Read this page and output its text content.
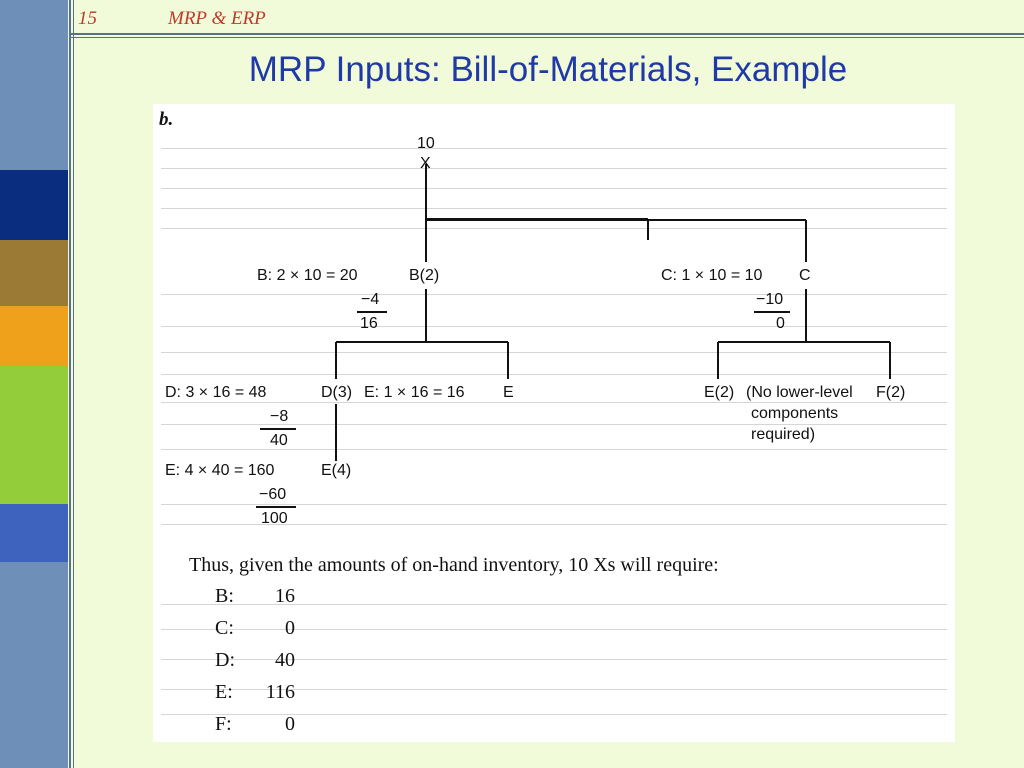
15	MRP & ERP
MRP Inputs: Bill-of-Materials, Example
b.
10
X
B: 2 × 10 = 20	B(2)
−4
16
C: 1 × 10 = 10 C
−10
0
D: 3 × 16 = 48	D(3) E: 1 × 16 = 16 E
−8
40
E(2) (No lower-level
components
required)
F(2)
E: 4 × 40 = 160	E(4)
−60
100
Thus, given the amounts of on-hand inventory, 10 Xs will require:
B: 16
C:	0
D: 40
E: 116
F:	0
